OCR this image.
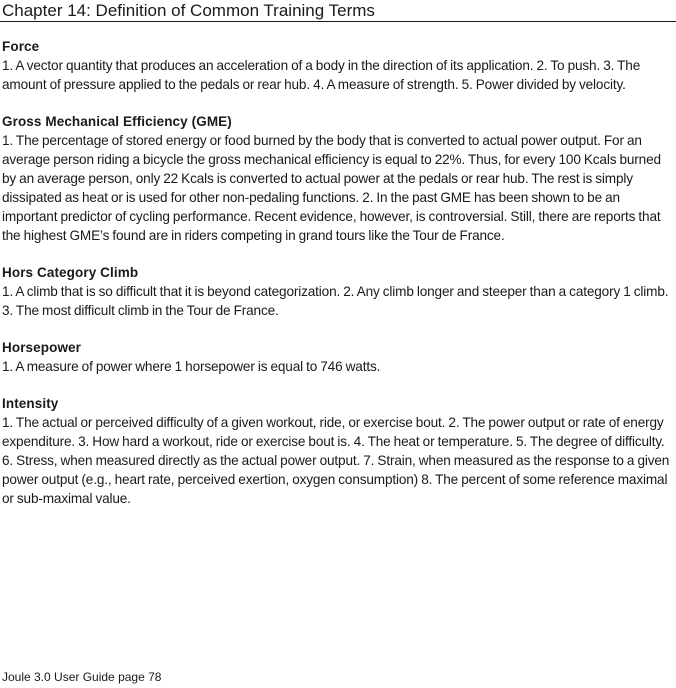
Chapter 14: Definition of Common Training Terms
Force

1. A vector quantity that produces an acceleration of a body in the direction of its application. 2. To push. 3. The amount of pressure applied to the pedals or rear hub. 4. A measure of strength. 5. Power divided by velocity.

Gross Mechanical Efficiency (GME)

1. The percentage of stored energy or food burned by the body that is converted to actual power output. For an average person riding a bicycle the gross mechanical efficiency is equal to 22%. Thus, for every 100 Kcals burned by an average person, only 22 Kcals is converted to actual power at the pedals or rear hub. The rest is simply dissipated as heat or is used for other non-pedaling functions. 2. In the past GME has been shown to be an important predictor of cycling performance. Recent evidence, however, is controversial. Still, there are reports that the highest GME’s found are in riders competing in grand tours like the Tour de France.

Hors Category Climb

1. A climb that is so difficult that it is beyond categorization. 2. Any climb longer and steeper than a category 1 climb. 3. The most difficult climb in the Tour de France.

Horsepower

1. A measure of power where 1 horsepower is equal to 746 watts.

Intensity

1. The actual or perceived difficulty of a given workout, ride, or exercise bout. 2. The power output or rate of energy expenditure. 3. How hard a workout, ride or exercise bout is. 4. The heat or temperature. 5. The degree of difficulty. 6. Stress, when measured directly as the actual power output. 7. Strain, when measured as the response to a given power output (e.g., heart rate, perceived exertion, oxygen consumption) 8. The percent of some reference maximal or sub-maximal value.

Joule 3.0 User Guide page 78
